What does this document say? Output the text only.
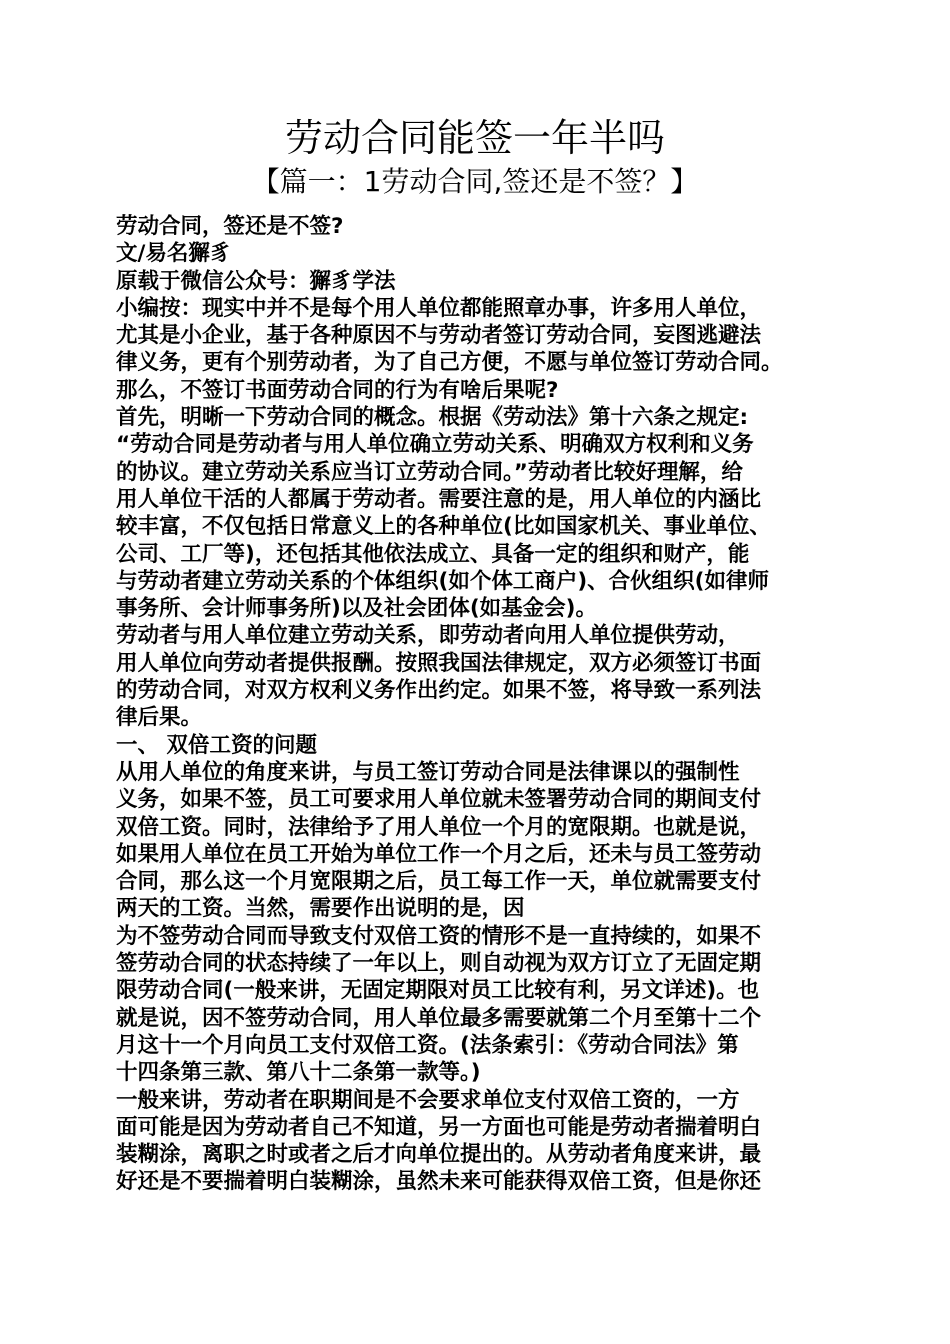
劳动合同能签一年半吗
【篇一：1劳动合同,签还是不签？】
劳动合同，签还是不签?
文/易名獬豸
原载于微信公众号：獬豸学法
小编按：现实中并不是每个用人单位都能照章办事，许多用人单位，
尤其是小企业，基于各种原因不与劳动者签订劳动合同，妄图逃避法
律义务，更有个别劳动者，为了自己方便，不愿与单位签订劳动合同。
那么，不签订书面劳动合同的行为有啥后果呢?
首先，明晰一下劳动合同的概念。根据《劳动法》第十六条之规定:
“劳动合同是劳动者与用人单位确立劳动关系、明确双方权利和义务
的协议。建立劳动关系应当订立劳动合同。”劳动者比较好理解，给
用人单位干活的人都属于劳动者。需要注意的是，用人单位的内涵比
较丰富，不仅包括日常意义上的各种单位(比如国家机关、事业单位、
公司、工厂等)，还包括其他依法成立、具备一定的组织和财产，能
与劳动者建立劳动关系的个体组织(如个体工商户)、合伙组织(如律师
事务所、会计师事务所)以及社会团体(如基金会)。
劳动者与用人单位建立劳动关系，即劳动者向用人单位提供劳动，
用人单位向劳动者提供报酬。按照我国法律规定，双方必须签订书面
的劳动合同，对双方权利义务作出约定。如果不签，将导致一系列法
律后果。
一、 双倍工资的问题
从用人单位的角度来讲，与员工签订劳动合同是法律课以的强制性
义务，如果不签，员工可要求用人单位就未签署劳动合同的期间支付
双倍工资。同时，法律给予了用人单位一个月的宽限期。也就是说，
如果用人单位在员工开始为单位工作一个月之后，还未与员工签劳动
合同，那么这一个月宽限期之后，员工每工作一天，单位就需要支付
两天的工资。当然，需要作出说明的是，因
为不签劳动合同而导致支付双倍工资的情形不是一直持续的，如果不
签劳动合同的状态持续了一年以上，则自动视为双方订立了无固定期
限劳动合同(一般来讲，无固定期限对员工比较有利，另文详述)。也
就是说，因不签劳动合同，用人单位最多需要就第二个月至第十二个
月这十一个月向员工支付双倍工资。(法条索引：《劳动合同法》第
十四条第三款、第八十二条第一款等。)
一般来讲，劳动者在职期间是不会要求单位支付双倍工资的，一方
面可能是因为劳动者自己不知道，另一方面也可能是劳动者揣着明白
装糊涂，离职之时或者之后才向单位提出的。从劳动者角度来讲，最
好还是不要揣着明白装糊涂，虽然未来可能获得双倍工资，但是你还
